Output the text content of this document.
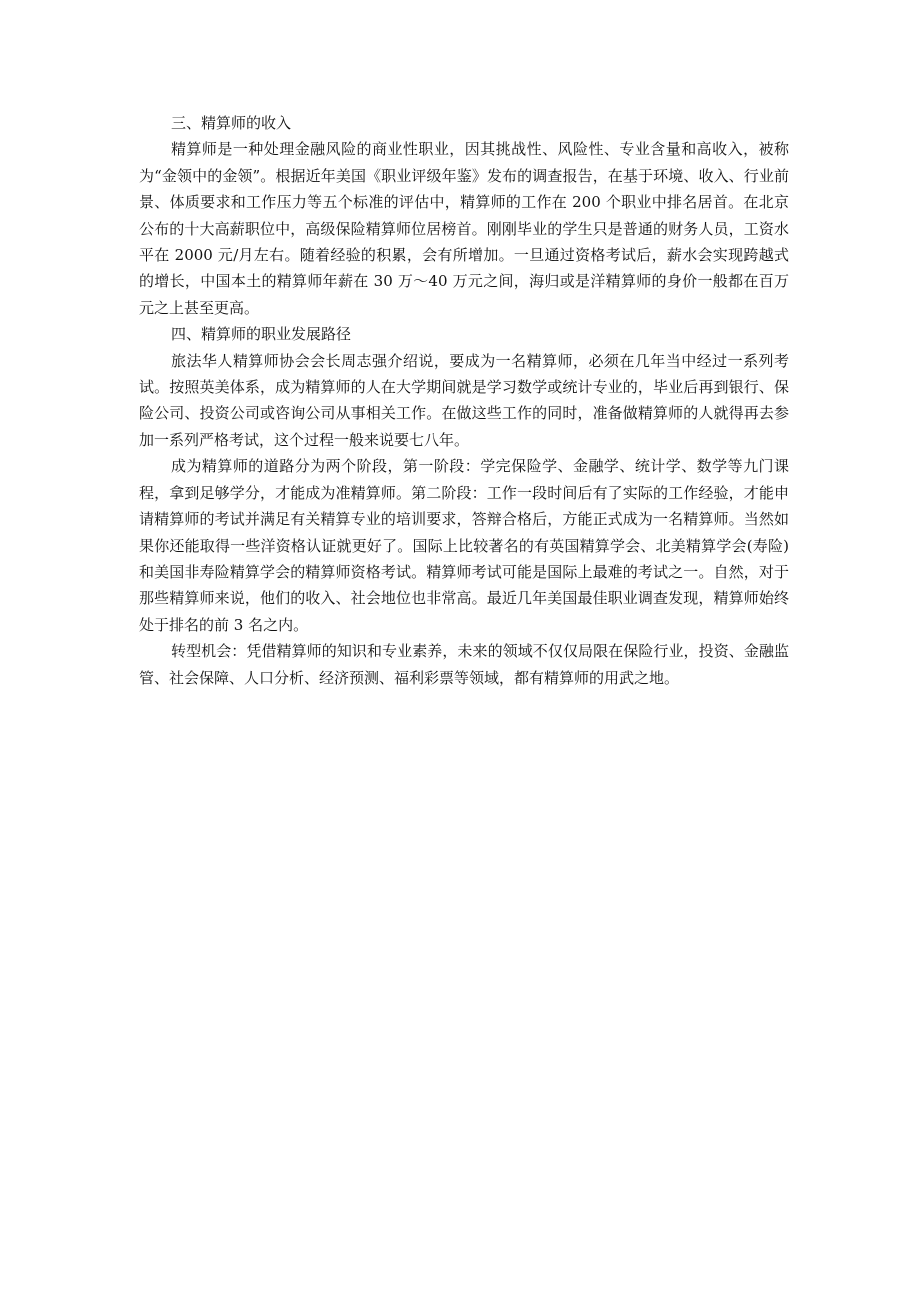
三、精算师的收入

精算师是一种处理金融风险的商业性职业，因其挑战性、风险性、专业含量和高收入，被称为“金领中的金领”。根据近年美国《职业评级年鉴》发布的调查报告，在基于环境、收入、行业前景、体质要求和工作压力等五个标准的评估中，精算师的工作在 200 个职业中排名居首。在北京公布的十大高薪职位中，高级保险精算师位居榜首。刚刚毕业的学生只是普通的财务人员，工资水平在 2000 元/月左右。随着经验的积累，会有所增加。一旦通过资格考试后，薪水会实现跨越式的增长，中国本土的精算师年薪在 30 万～40 万元之间，海归或是洋精算师的身价一般都在百万元之上甚至更高。

四、精算师的职业发展路径

旅法华人精算师协会会长周志强介绍说，要成为一名精算师，必须在几年当中经过一系列考试。按照英美体系，成为精算师的人在大学期间就是学习数学或统计专业的，毕业后再到银行、保险公司、投资公司或咨询公司从事相关工作。在做这些工作的同时，准备做精算师的人就得再去参加一系列严格考试，这个过程一般来说要七八年。

成为精算师的道路分为两个阶段，第一阶段：学完保险学、金融学、统计学、数学等九门课程，拿到足够学分，才能成为准精算师。第二阶段：工作一段时间后有了实际的工作经验，才能申请精算师的考试并满足有关精算专业的培训要求，答辩合格后，方能正式成为一名精算师。当然如果你还能取得一些洋资格认证就更好了。国际上比较著名的有英国精算学会、北美精算学会(寿险)和美国非寿险精算学会的精算师资格考试。精算师考试可能是国际上最难的考试之一。自然，对于那些精算师来说，他们的收入、社会地位也非常高。最近几年美国最佳职业调查发现，精算师始终处于排名的前 3 名之内。

转型机会：凭借精算师的知识和专业素养，未来的领域不仅仅局限在保险行业，投资、金融监管、社会保障、人口分析、经济预测、福利彩票等领域，都有精算师的用武之地。
